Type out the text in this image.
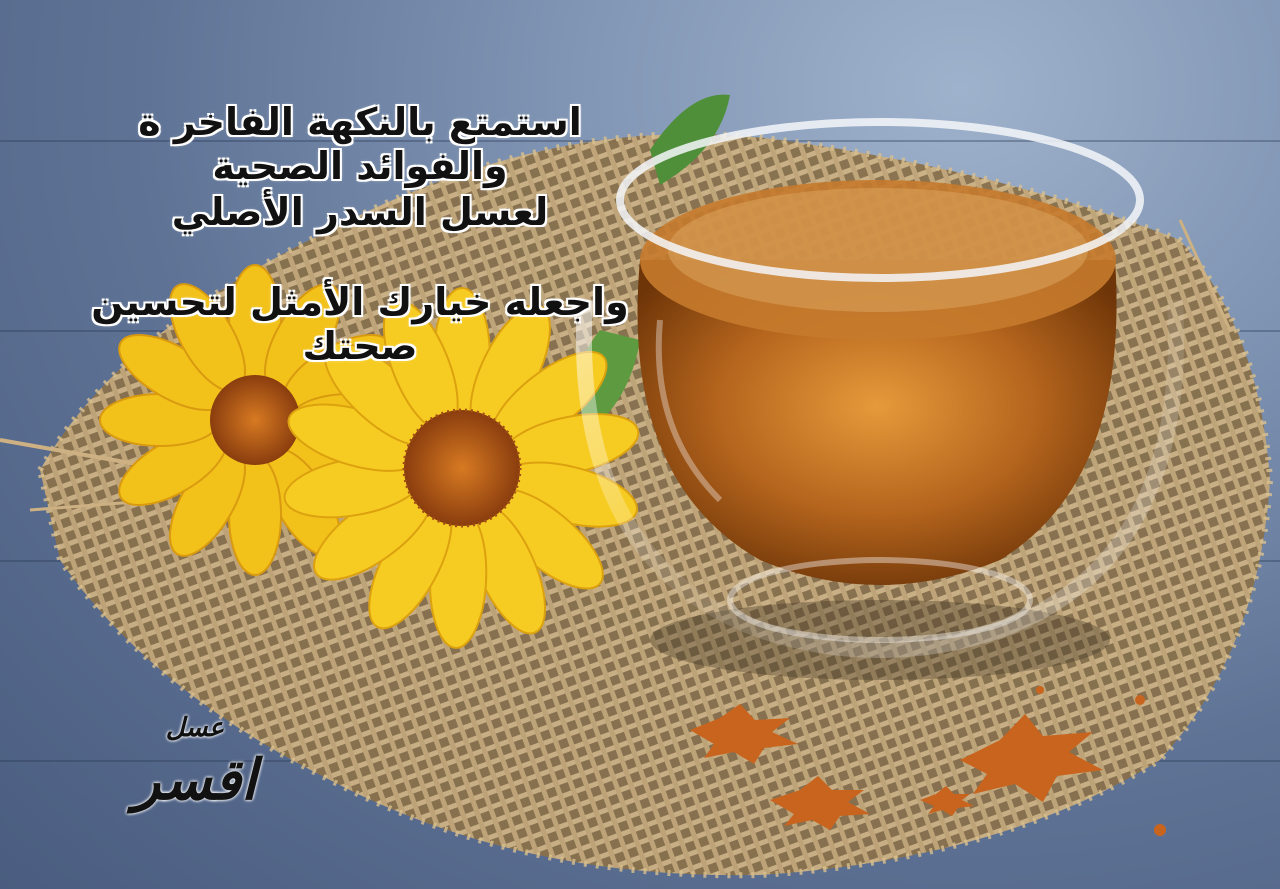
استمتع بالنكهة الفاخر ة والفوائد الصحية
لعسل السدر الأصلي
واجعله خيارك الأمثل لتحسين صحتك
عسل
اقسر
